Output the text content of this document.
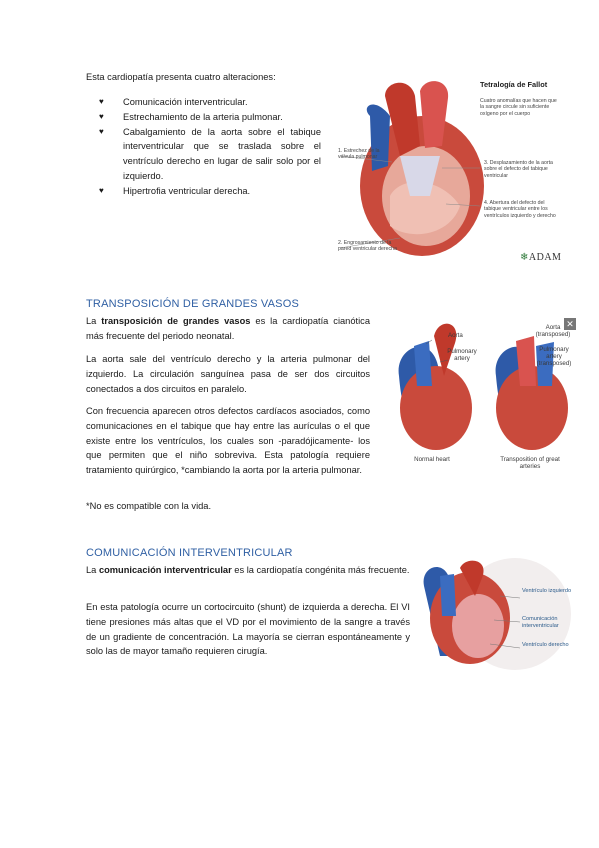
Esta cardiopatía presenta cuatro alteraciones:

♥ Comunicación interventricular.
♥ Estrechamiento de la arteria pulmonar.
♥ Cabalgamiento de la aorta sobre el tabique interventricular que se traslada sobre el ventrículo derecho en lugar de salir solo por el izquierdo.
♥ Hipertrofia ventricular derecha.
Tetralogía de Fallot
Cuatro anomalías que hacen que la sangre circule sin suficiente oxígeno por el cuerpo
1. Estrechez de la válvula pulmonar
2. Engrosamiento de la pared ventricular derecha
3. Desplazamiento de la aorta sobre el defecto del tabique ventricular
4. Abertura del defecto del tabique ventricular entre los ventrículos izquierdo y derecho
❄ADAM
TRANSPOSICIÓN DE GRANDES VASOS

La transposición de grandes vasos es la cardiopatía cianótica más frecuente del periodo neonatal.

La aorta sale del ventrículo derecho y la arteria pulmonar del izquierdo. La circulación sanguínea pasa de ser dos circuitos conectados a dos circuitos en paralelo.

Con frecuencia aparecen otros defectos cardíacos asociados, como comunicaciones en el tabique que hay entre las aurículas o el que existe entre los ventrículos, los cuales son -paradójicamente- los que permiten que el niño sobreviva. Esta patología requiere tratamiento quirúrgico, *cambiando la aorta por la arteria pulmonar.

*No es compatible con la vida.

Aorta
Pulmonary artery
Aorta (transposed)
Pulmonary artery (transposed)
Normal heart	Transposition of great arteries
✕
COMUNICACIÓN INTERVENTRICULAR

La comunicación interventricular es la cardiopatía congénita más frecuente.

En esta patología ocurre un cortocircuito (shunt) de izquierda a derecha. El VI tiene presiones más altas que el VD por el movimiento de la sangre a través de un gradiente de concentración. La mayoría se cierran espontáneamente y solo las de mayor tamaño requieren cirugía.

Ventrículo izquierdo
Comunicación interventricular
Ventrículo derecho
